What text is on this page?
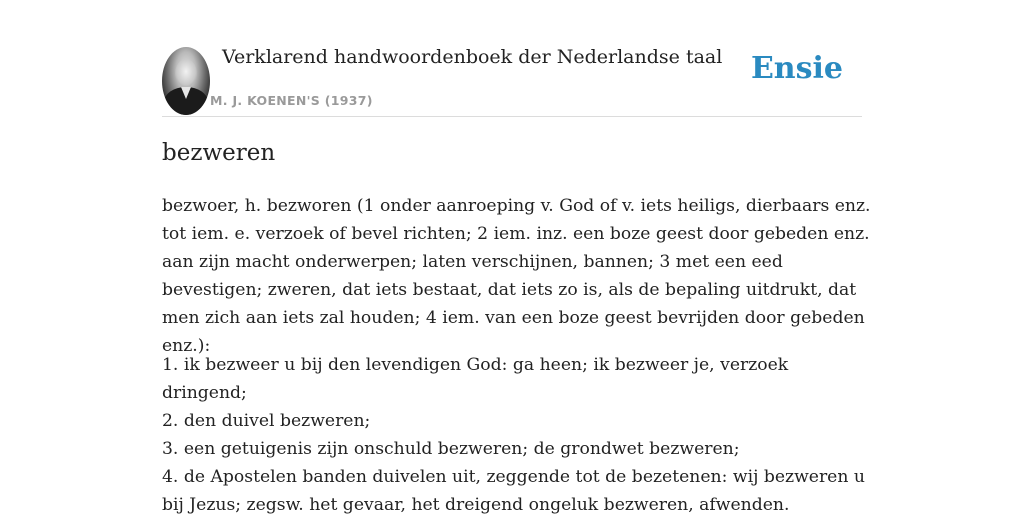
Verklarend handwoordenboek der Nederlandse taal
M. J. KOENEN'S (1937)
Ensie
bezweren

bezwoer, h. bezworen (1 onder aanroeping v. God of v. iets heiligs, dierbaars enz. tot iem. e. verzoek of bevel richten; 2 iem. inz. een boze geest door gebeden enz. aan zijn macht onderwerpen; laten verschijnen, bannen; 3 met een eed bevestigen; zweren, dat iets bestaat, dat iets zo is, als de bepaling uitdrukt, dat men zich aan iets zal houden; 4 iem. van een boze geest bevrijden door gebeden enz.):

1. ik bezweer u bij den levendigen God: ga heen; ik bezweer je, verzoek dringend;
2. den duivel bezweren;
3. een getuigenis zijn onschuld bezweren; de grondwet bezweren;
4. de Apostelen banden duivelen uit, zeggende tot de bezetenen: wij bezweren u bij Jezus; zegsw. het gevaar, het dreigend ongeluk bezweren, afwenden.
